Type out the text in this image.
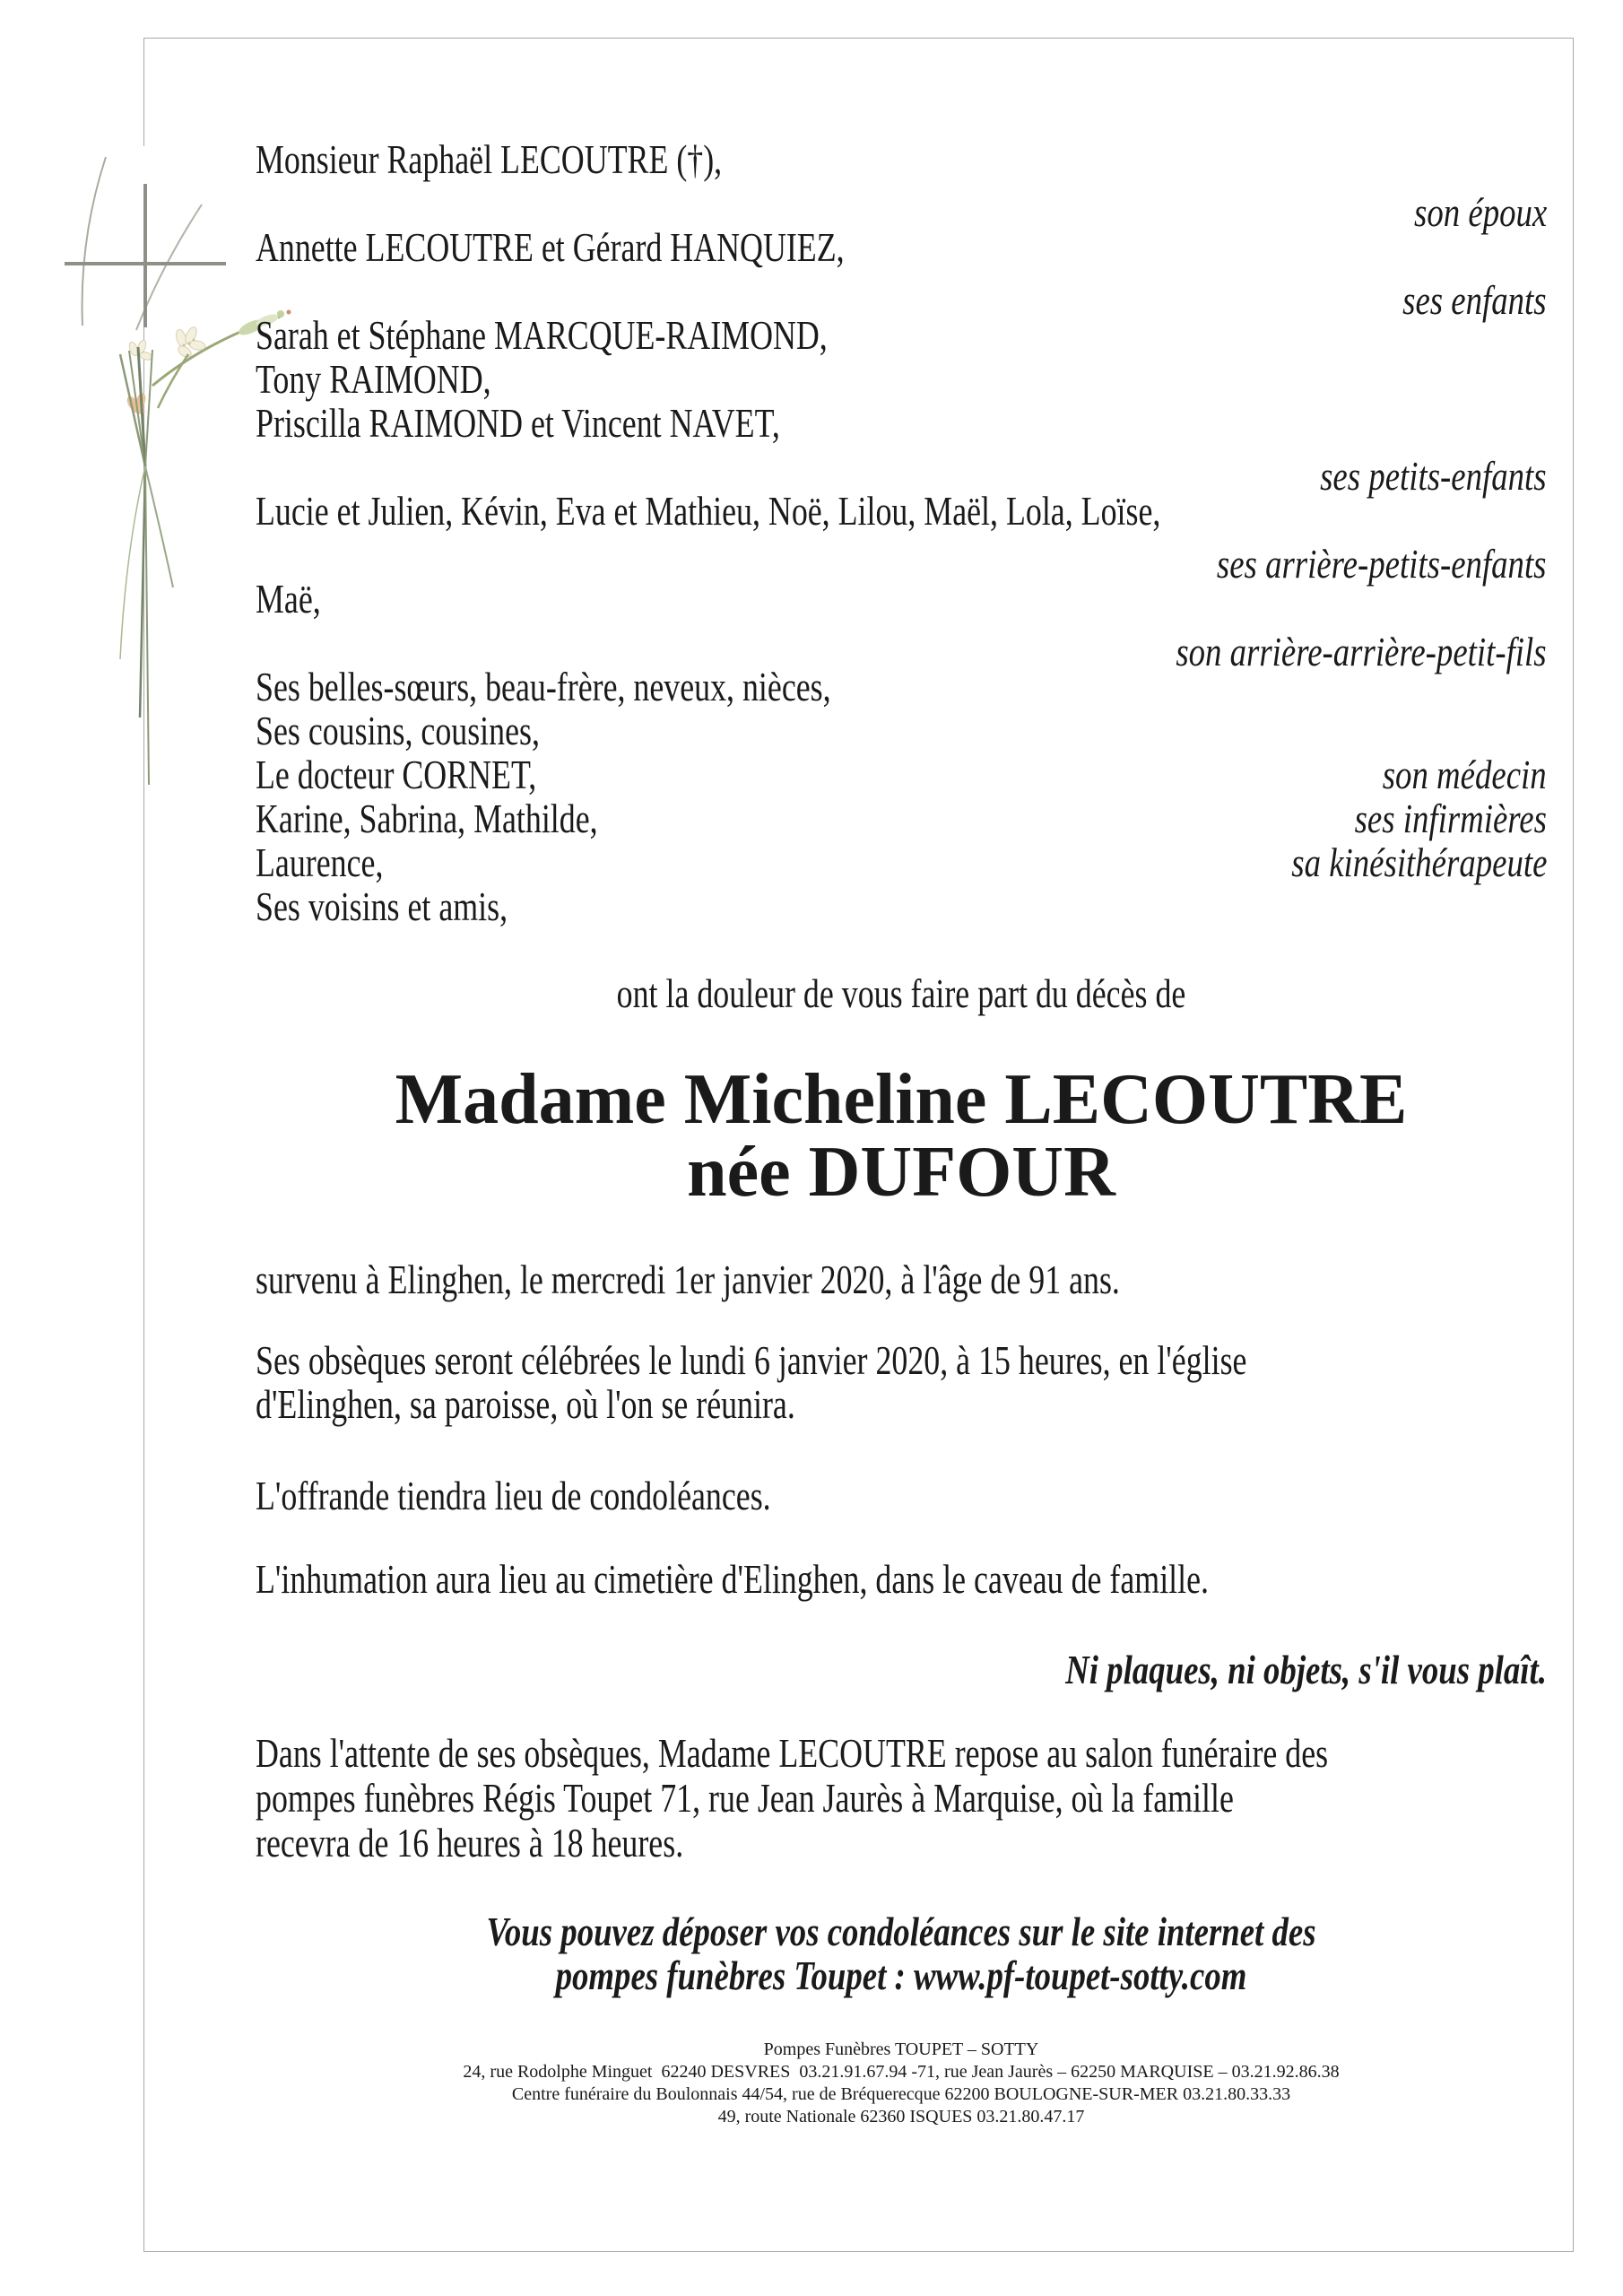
Monsieur Raphaël LECOUTRE (†),
son époux
Annette LECOUTRE et Gérard HANQUIEZ,
ses enfants
Sarah et Stéphane MARCQUE-RAIMOND,
Tony RAIMOND,
Priscilla RAIMOND et Vincent NAVET,
ses petits-enfants
Lucie et Julien, Kévin, Eva et Mathieu, Noë, Lilou, Maël, Lola, Loïse,
ses arrière-petits-enfants
Maë,
son arrière-arrière-petit-fils
Ses belles-sœurs, beau-frère, neveux, nièces,
Ses cousins, cousines,
Le docteur CORNET,	son médecin
Karine, Sabrina, Mathilde,	ses infirmières
Laurence,	sa kinésithérapeute
Ses voisins et amis,
ont la douleur de vous faire part du décès de
Madame Micheline LECOUTRE
née DUFOUR
survenu à Elinghen, le mercredi 1er janvier 2020, à l'âge de 91 ans.
Ses obsèques seront célébrées le lundi 6 janvier 2020, à 15 heures, en l'église
d'Elinghen, sa paroisse, où l'on se réunira.
L'offrande tiendra lieu de condoléances.
L'inhumation aura lieu au cimetière d'Elinghen, dans le caveau de famille.
Ni plaques, ni objets, s'il vous plaît.
Dans l'attente de ses obsèques, Madame LECOUTRE repose au salon funéraire des
pompes funèbres Régis Toupet 71, rue Jean Jaurès à Marquise, où la famille
recevra de 16 heures à 18 heures.
Vous pouvez déposer vos condoléances sur le site internet des
pompes funèbres Toupet : www.pf-toupet-sotty.com
Pompes Funèbres TOUPET – SOTTY
24, rue Rodolphe Minguet  62240 DESVRES  03.21.91.67.94 -71, rue Jean Jaurès – 62250 MARQUISE – 03.21.92.86.38
Centre funéraire du Boulonnais 44/54, rue de Bréquerecque 62200 BOULOGNE-SUR-MER 03.21.80.33.33
49, route Nationale 62360 ISQUES 03.21.80.47.17
